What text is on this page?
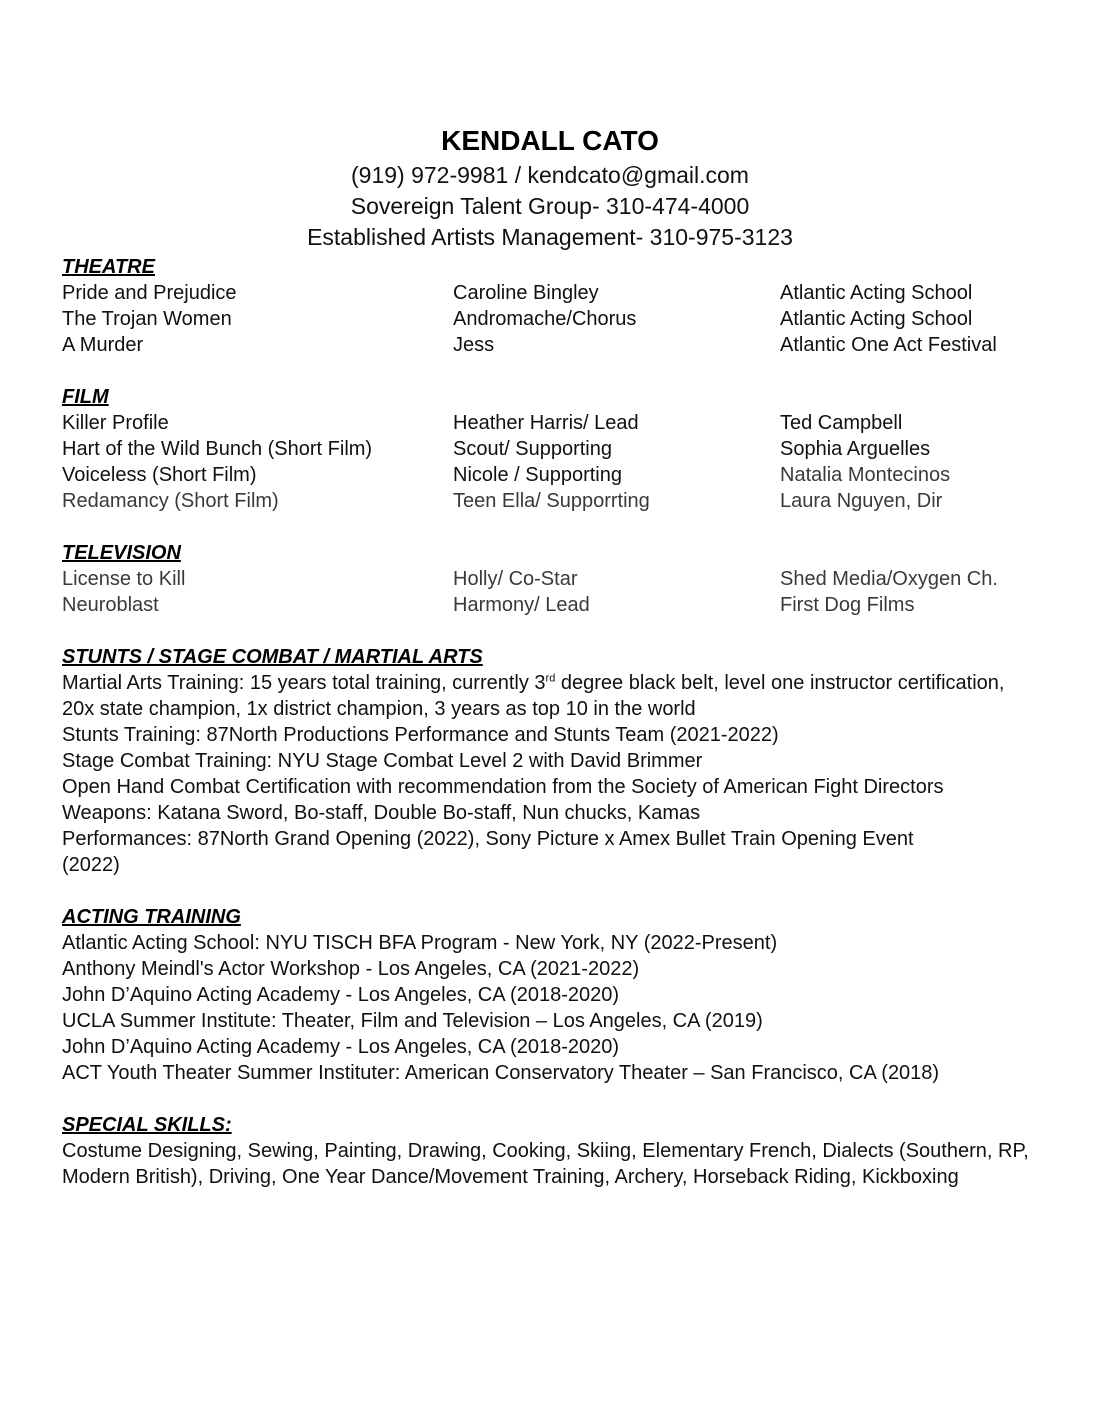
KENDALL CATO
(919) 972-9981 / kendcato@gmail.com
Sovereign Talent Group- 310-474-4000
Established Artists Management- 310-975-3123
THEATRE
Pride and Prejudice	Caroline Bingley	Atlantic Acting School
The Trojan Women	Andromache/Chorus	Atlantic Acting School
A Murder	Jess	Atlantic One Act Festival
FILM
Killer Profile	Heather Harris/ Lead	Ted Campbell
Hart of the Wild Bunch (Short Film)	Scout/ Supporting	Sophia Arguelles
Voiceless (Short Film)	Nicole / Supporting	Natalia Montecinos
Redamancy (Short Film)	Teen Ella/ Supporrting	Laura Nguyen, Dir
TELEVISION
License to Kill	Holly/ Co-Star	Shed Media/Oxygen Ch.
Neuroblast	Harmony/ Lead	First Dog Films
STUNTS / STAGE COMBAT / MARTIAL ARTS
Martial Arts Training: 15 years total training, currently 3rd degree black belt, level one instructor certification,
20x state champion, 1x district champion, 3 years as top 10 in the world
Stunts Training: 87North Productions Performance and Stunts Team (2021-2022)
Stage Combat Training: NYU Stage Combat Level 2 with David Brimmer
Open Hand Combat Certification with recommendation from the Society of American Fight Directors
Weapons: Katana Sword, Bo-staff, Double Bo-staff, Nun chucks, Kamas
Performances: 87North Grand Opening (2022), Sony Picture x Amex Bullet Train Opening Event
(2022)
ACTING TRAINING
Atlantic Acting School: NYU TISCH BFA Program - New York, NY (2022-Present)
Anthony Meindl's Actor Workshop - Los Angeles, CA (2021-2022)
John D’Aquino Acting Academy - Los Angeles, CA (2018-2020)
UCLA Summer Institute: Theater, Film and Television – Los Angeles, CA (2019)
John D’Aquino Acting Academy - Los Angeles, CA (2018-2020)
ACT Youth Theater Summer Instituter: American Conservatory Theater – San Francisco, CA (2018)
SPECIAL SKILLS:
Costume Designing, Sewing, Painting, Drawing, Cooking, Skiing, Elementary French, Dialects (Southern, RP,
Modern British), Driving, One Year Dance/Movement Training, Archery, Horseback Riding, Kickboxing
